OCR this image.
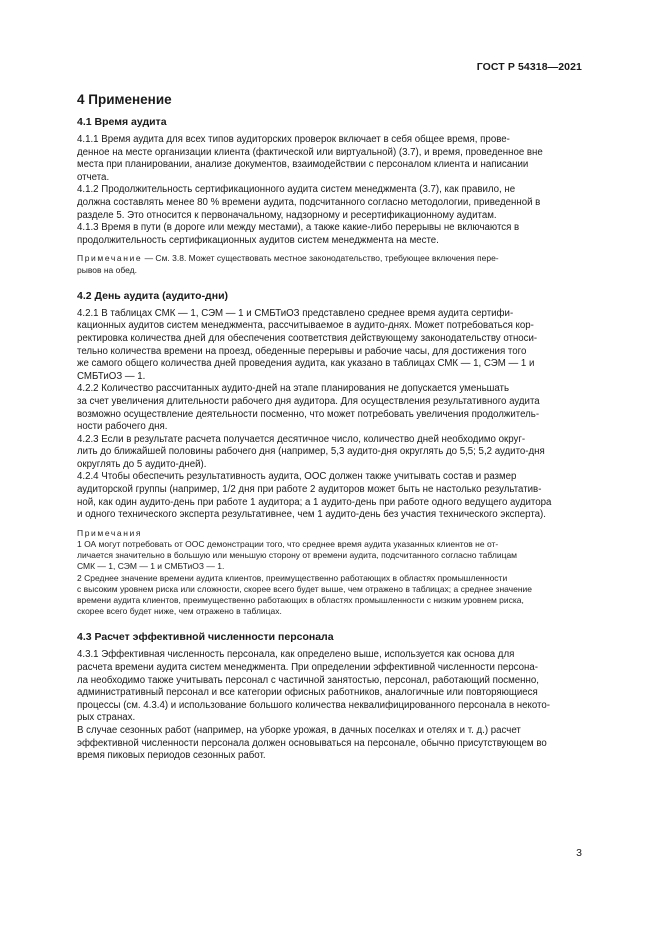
ГОСТ Р 54318—2021
4 Применение
4.1 Время аудита

4.1.1 Время аудита для всех типов аудиторских проверок включает в себя общее время, прове-
денное на месте организации клиента (фактической или виртуальной) (3.7), и время, проведенное вне
места при планировании, анализе документов, взаимодействии с персоналом клиента и написании
отчета.

4.1.2 Продолжительность сертификационного аудита систем менеджмента (3.7), как правило, не
должна составлять менее 80 % времени аудита, подсчитанного согласно методологии, приведенной в
разделе 5. Это относится к первоначальному, надзорному и ресертификационному аудитам.

4.1.3 Время в пути (в дороге или между местами), а также какие-либо перерывы не включаются в
продолжительность сертификационных аудитов систем менеджмента на месте.

Примечание — См. 3.8. Может существовать местное законодательство, требующее включения пере-
рывов на обед.

4.2 День аудита (аудито-дни)

4.2.1 В таблицах СМК — 1, СЭМ — 1 и СМБТиОЗ представлено среднее время аудита сертифи-
кационных аудитов систем менеджмента, рассчитываемое в аудито-днях. Может потребоваться кор-
ректировка количества дней для обеспечения соответствия действующему законодательству относи-
тельно количества времени на проезд, обеденные перерывы и рабочие часы, для достижения того
же самого общего количества дней проведения аудита, как указано в таблицах СМК — 1, СЭМ — 1 и
СМБТиОЗ — 1.

4.2.2 Количество рассчитанных аудито-дней на этапе планирования не допускается уменьшать
за счет увеличения длительности рабочего дня аудитора. Для осуществления результативного аудита
возможно осуществление деятельности посменно, что может потребовать увеличения продолжитель-
ности рабочего дня.

4.2.3 Если в результате расчета получается десятичное число, количество дней необходимо округ-
лить до ближайшей половины рабочего дня (например, 5,3 аудито-дня округлять до 5,5; 5,2 аудито-дня
округлять до 5 аудито-дней).

4.2.4 Чтобы обеспечить результативность аудита, ООС должен также учитывать состав и размер
аудиторской группы (например, 1/2 дня при работе 2 аудиторов может быть не настолько результатив-
ной, как один аудито-день при работе 1 аудитора; а 1 аудито-день при работе одного ведущего аудитора
и одного технического эксперта результативнее, чем 1 аудито-день без участия технического эксперта).

Примечания

1 ОА могут потребовать от ООС демонстрации того, что среднее время аудита указанных клиентов не от-
личается значительно в большую или меньшую сторону от времени аудита, подсчитанного согласно таблицам
СМК — 1, СЭМ — 1 и СМБТиОЗ — 1.

2 Среднее значение времени аудита клиентов, преимущественно работающих в областях промышленности
с высоким уровнем риска или сложности, скорее всего будет выше, чем отражено в таблицах; а среднее значение
времени аудита клиентов, преимущественно работающих в областях промышленности с низким уровнем риска,
скорее всего будет ниже, чем отражено в таблицах.

4.3 Расчет эффективной численности персонала

4.3.1 Эффективная численность персонала, как определено выше, используется как основа для
расчета времени аудита систем менеджмента. При определении эффективной численности персона-
ла необходимо также учитывать персонал с частичной занятостью, персонал, работающий посменно,
административный персонал и все категории офисных работников, аналогичные или повторяющиеся
процессы (см. 4.3.4) и использование большого количества неквалифицированного персонала в некото-
рых странах.

В случае сезонных работ (например, на уборке урожая, в дачных поселках и отелях и т. д.) расчет
эффективной численности персонала должен основываться на персонале, обычно присутствующем во
время пиковых периодов сезонных работ.

3
